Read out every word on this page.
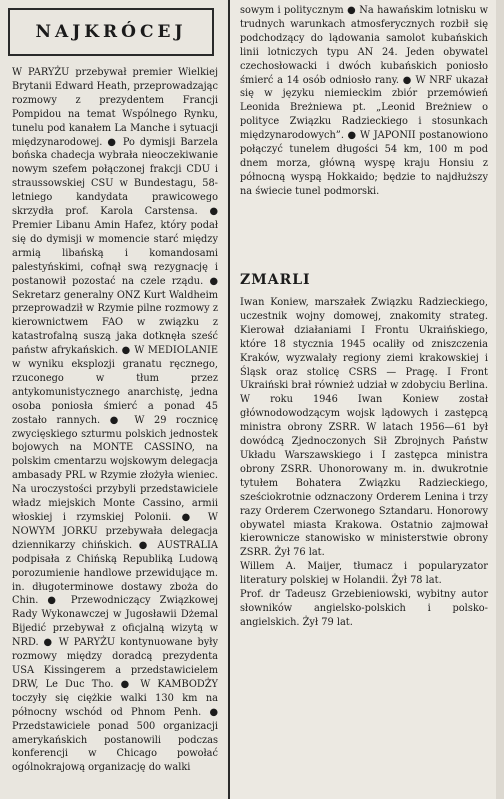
NAJKRÓCEJ

W PARYŻU przebywał premier Wielkiej Brytanii Edward Heath, przeprowadzając rozmowy z prezydentem Francji Pompidou na temat Wspólnego Rynku, tunelu pod kanałem La Manche i sytuacji międzynarodowej. ● Po dymisji Barzela bońska chadecja wybrała nieoczekiwanie nowym szefem połączonej frakcji CDU i straussowskiej CSU w Bundestagu, 58-letniego kandydata prawicowego skrzydła prof. Karola Carstensa. ● Premier Libanu Amin Hafez, który podał się do dymisji w momencie starć między armią libańską i komandosami palestyńskimi, cofnął swą rezygnację i postanowił pozostać na czele rządu. ● Sekretarz generalny ONZ Kurt Waldheim przeprowadził w Rzymie pilne rozmowy z kierownictwem FAO w związku z katastrofalną suszą jaka dotknęła sześć państw afrykańskich. ● W MEDIOLANIE w wyniku eksplozji granatu ręcznego, rzuconego w tłum przez antykomunistycznego anarchistę, jedna osoba poniosła śmierć a ponad 45 zostało rannych. ● W 29 rocznicę zwycięskiego szturmu polskich jednostek bojowych na MONTE CASSINO, na polskim cmentarzu wojskowym delegacja ambasady PRL w Rzymie złożyła wieniec. Na uroczystości przybyli przedstawiciele władz miejskich Monte Cassino, armii włoskiej i rzymskiej Polonii. ● W NOWYM JORKU przebywała delegacja dziennikarzy chińskich. ● AUSTRALIA podpisała z Chińską Republiką Ludową porozumienie handlowe przewidujące m. in. długoterminowe dostawy zboża do Chin. ● Przewodniczący Związkowej Rady Wykonawczej w Jugosławii Dżemal Bijedić przebywał z oficjalną wizytą w NRD. ● W PARYŻU kontynuowane były rozmowy między doradcą prezydenta USA Kissingerem a przedstawicielem DRW, Le Duc Tho. ● W KAMBODŻY toczyły się ciężkie walki 130 km na północny wschód od Phnom Penh. ● Przedstawiciele ponad 500 organizacji amerykańskich postanowili podczas konferencji w Chicago powołać ogólnokrajową organizację do walki

sowym i politycznym ● Na hawańskim lotnisku w trudnych warunkach atmosferycznych rozbił się podchodzący do lądowania samolot kubańskich linii lotniczych typu AN 24. Jeden obywatel czechosłowacki i dwóch kubańskich poniosło śmierć a 14 osób odniosło rany. ● W NRF ukazał się w języku niemieckim zbiór przemówień Leonida Breżniewa pt. „Leonid Breżniew o polityce Związku Radzieckiego i stosunkach międzynarodowych”. ● W JAPONII postanowiono połączyć tunelem długości 54 km, 100 m pod dnem morza, główną wyspę kraju Honsiu z północną wyspą Hokkaido; będzie to najdłuższy na świecie tunel podmorski.

ZMARLI

Iwan Koniew, marszałek Związku Radzieckiego, uczestnik wojny domowej, znakomity strateg. Kierował działaniami I Frontu Ukraińskiego, które 18 stycznia 1945 ocaliły od zniszczenia Kraków, wyzwalały regiony ziemi krakowskiej i Śląsk oraz stolicę CSRS — Pragę. I Front Ukraiński brał również udział w zdobyciu Berlina. W roku 1946 Iwan Koniew został głównodowodzącym wojsk lądowych i zastępcą ministra obrony ZSRR. W latach 1956—61 był dowódcą Zjednoczonych Sił Zbrojnych Państw Układu Warszawskiego i I zastępca ministra obrony ZSRR. Uhonorowany m. in. dwukrotnie tytułem Bohatera Związku Radzieckiego, sześciokrotnie odznaczony Orderem Lenina i trzy razy Orderem Czerwonego Sztandaru. Honorowy obywatel miasta Krakowa. Ostatnio zajmował kierownicze stanowisko w ministerstwie obrony ZSRR. Żył 76 lat.
Willem A. Maijer, tłumacz i popularyzator literatury polskiej w Holandii. Żył 78 lat.
Prof. dr Tadeusz Grzebieniowski, wybitny autor słowników angielsko-polskich i polsko-angielskich. Żył 79 lat.
